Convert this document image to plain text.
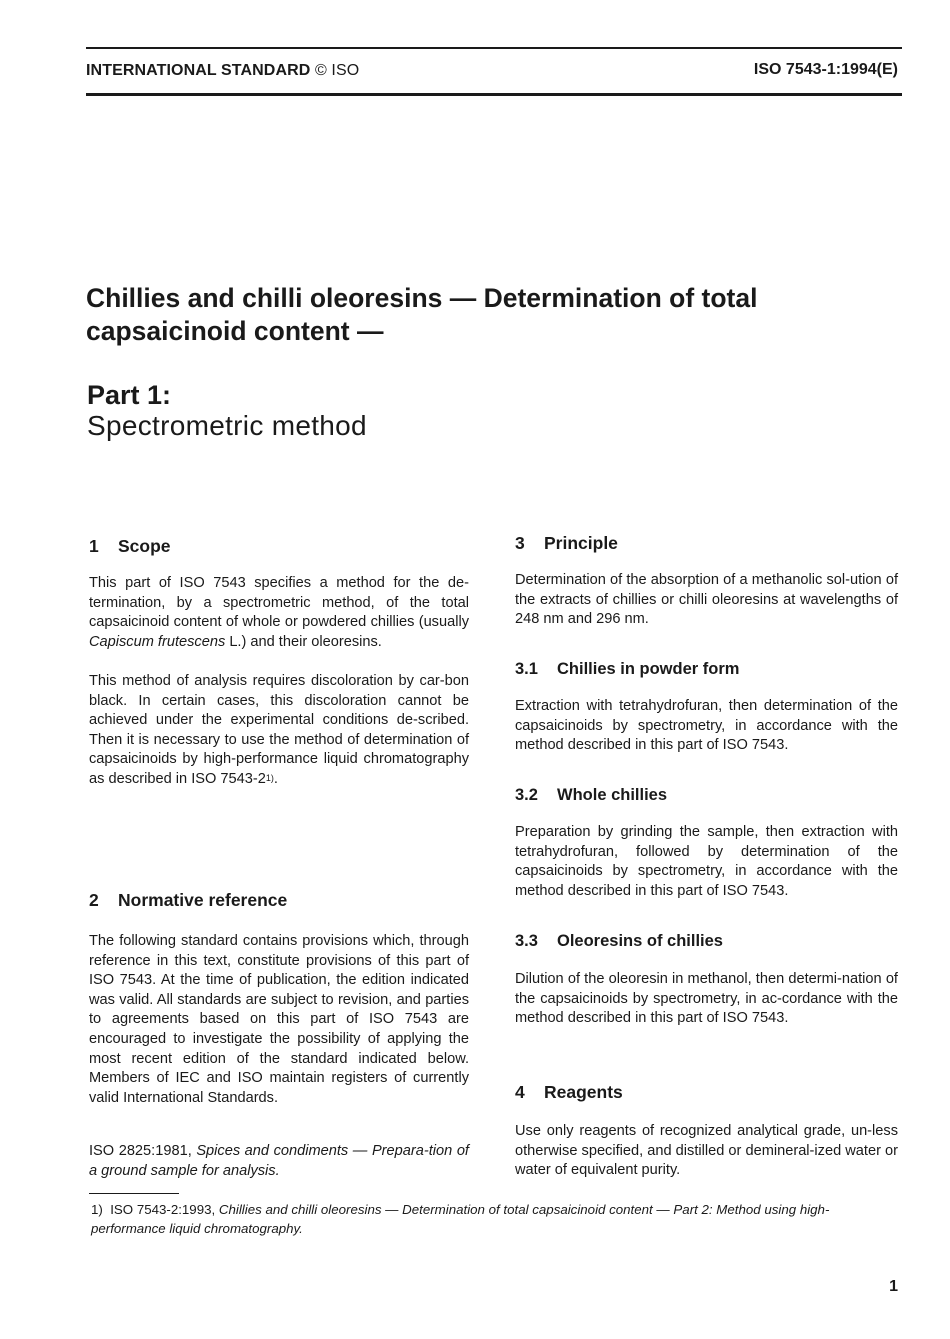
INTERNATIONAL STANDARD © ISO	ISO 7543-1:1994(E)
Chillies and chilli oleoresins — Determination of total
capsaicinoid content —
Part 1:
Spectrometric method
1 Scope

This part of ISO 7543 specifies a method for the de-termination, by a spectrometric method, of the total capsaicinoid content of whole or powdered chillies (usually Capiscum frutescens L.) and their oleoresins.

This method of analysis requires discoloration by car-bon black. In certain cases, this discoloration cannot be achieved under the experimental conditions de-scribed. Then it is necessary to use the method of determination of capsaicinoids by high-performance liquid chromatography as described in ISO 7543-2$^{1)}$.

2 Normative reference

The following standard contains provisions which, through reference in this text, constitute provisions of this part of ISO 7543. At the time of publication, the edition indicated was valid. All standards are subject to revision, and parties to agreements based on this part of ISO 7543 are encouraged to investigate the possibility of applying the most recent edition of the standard indicated below. Members of IEC and ISO maintain registers of currently valid International Standards.

ISO 2825:1981, Spices and condiments — Prepara-tion of a ground sample for analysis.

3 Principle

Determination of the absorption of a methanolic sol-ution of the extracts of chillies or chilli oleoresins at wavelengths of 248 nm and 296 nm.

3.1 Chillies in powder form

Extraction with tetrahydrofuran, then determination of the capsaicinoids by spectrometry, in accordance with the method described in this part of ISO 7543.

3.2 Whole chillies

Preparation by grinding the sample, then extraction with tetrahydrofuran, followed by determination of the capsaicinoids by spectrometry, in accordance with the method described in this part of ISO 7543.

3.3 Oleoresins of chillies

Dilution of the oleoresin in methanol, then determi-nation of the capsaicinoids by spectrometry, in ac-cordance with the method described in this part of ISO 7543.

4 Reagents

Use only reagents of recognized analytical grade, un-less otherwise specified, and distilled or demineral-ized water or water of equivalent purity.

1) ISO 7543-2:1993, Chillies and chilli oleoresins — Determination of total capsaicinoid content — Part 2: Method using high-performance liquid chromatography.
1
